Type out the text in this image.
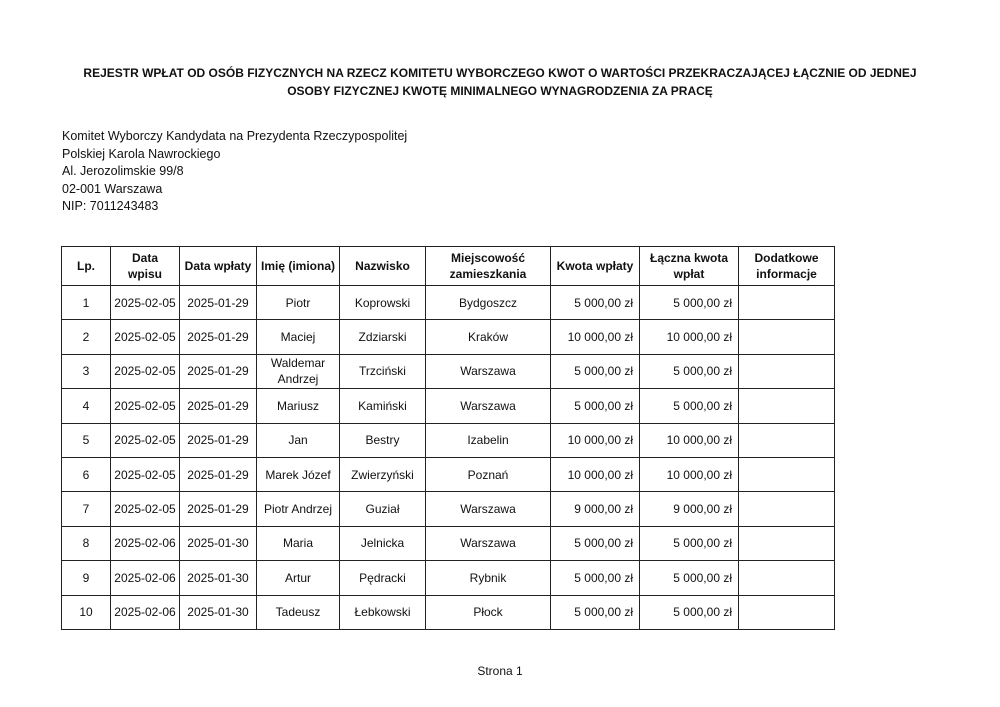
REJESTR WPŁAT OD OSÓB FIZYCZNYCH NA RZECZ KOMITETU WYBORCZEGO KWOT O WARTOŚCI PRZEKRACZAJĄCEJ ŁĄCZNIE OD JEDNEJ
OSOBY FIZYCZNEJ KWOTĘ MINIMALNEGO WYNAGRODZENIA ZA PRACĘ
Komitet Wyborczy Kandydata na Prezydenta Rzeczypospolitej
Polskiej Karola Nawrockiego
Al. Jerozolimskie 99/8
02-001 Warszawa
NIP: 7011243483
Lp.	Data wpisu	Data wpłaty	Imię (imiona)	Nazwisko	Miejscowość zamieszkania	Kwota wpłaty	Łączna kwota wpłat	Dodatkowe informacje
1	2025-02-05	2025-01-29	Piotr	Koprowski	Bydgoszcz	5 000,00 zł	5 000,00 zł	
2	2025-02-05	2025-01-29	Maciej	Zdziarski	Kraków	10 000,00 zł	10 000,00 zł	
3	2025-02-05	2025-01-29	Waldemar Andrzej	Trzciński	Warszawa	5 000,00 zł	5 000,00 zł	
4	2025-02-05	2025-01-29	Mariusz	Kamiński	Warszawa	5 000,00 zł	5 000,00 zł	
5	2025-02-05	2025-01-29	Jan	Bestry	Izabelin	10 000,00 zł	10 000,00 zł	
6	2025-02-05	2025-01-29	Marek Józef	Zwierzyński	Poznań	10 000,00 zł	10 000,00 zł	
7	2025-02-05	2025-01-29	Piotr Andrzej	Guział	Warszawa	9 000,00 zł	9 000,00 zł	
8	2025-02-06	2025-01-30	Maria	Jelnicka	Warszawa	5 000,00 zł	5 000,00 zł	
9	2025-02-06	2025-01-30	Artur	Pędracki	Rybnik	5 000,00 zł	5 000,00 zł	
10	2025-02-06	2025-01-30	Tadeusz	Łebkowski	Płock	5 000,00 zł	5 000,00 zł	
Strona 1
